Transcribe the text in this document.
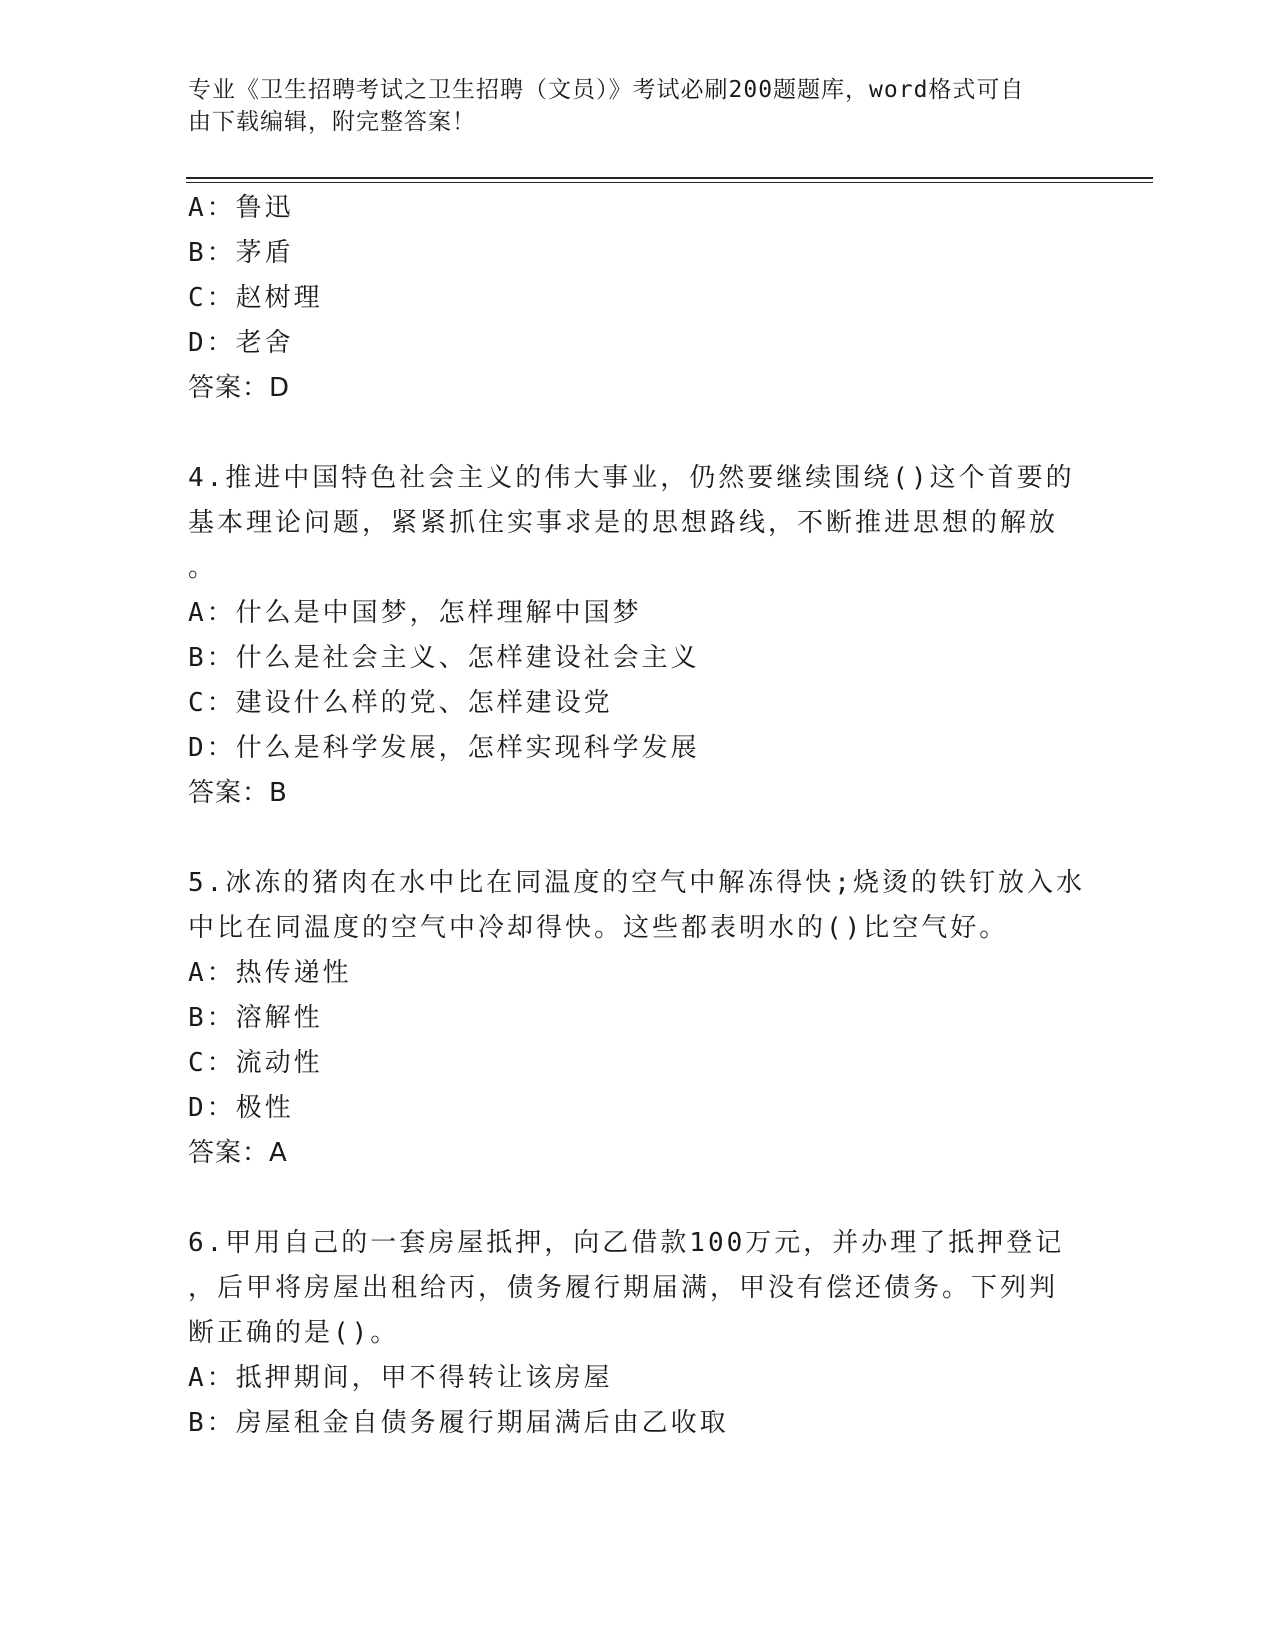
专业《卫生招聘考试之卫生招聘（文员）》考试必刷200题题库，word格式可自
由下载编辑，附完整答案！
A：鲁迅
B：茅盾
C：赵树理
D：老舍
答案：D
4.推进中国特色社会主义的伟大事业，仍然要继续围绕()这个首要的
基本理论问题，紧紧抓住实事求是的思想路线，不断推进思想的解放
。
A：什么是中国梦，怎样理解中国梦
B：什么是社会主义、怎样建设社会主义
C：建设什么样的党、怎样建设党
D：什么是科学发展，怎样实现科学发展
答案：B
5.冰冻的猪肉在水中比在同温度的空气中解冻得快;烧烫的铁钉放入水
中比在同温度的空气中冷却得快。这些都表明水的()比空气好。
A：热传递性
B：溶解性
C：流动性
D：极性
答案：A
6.甲用自己的一套房屋抵押，向乙借款100万元，并办理了抵押登记
，后甲将房屋出租给丙，债务履行期届满，甲没有偿还债务。下列判
断正确的是()。
A：抵押期间，甲不得转让该房屋
B：房屋租金自债务履行期届满后由乙收取
